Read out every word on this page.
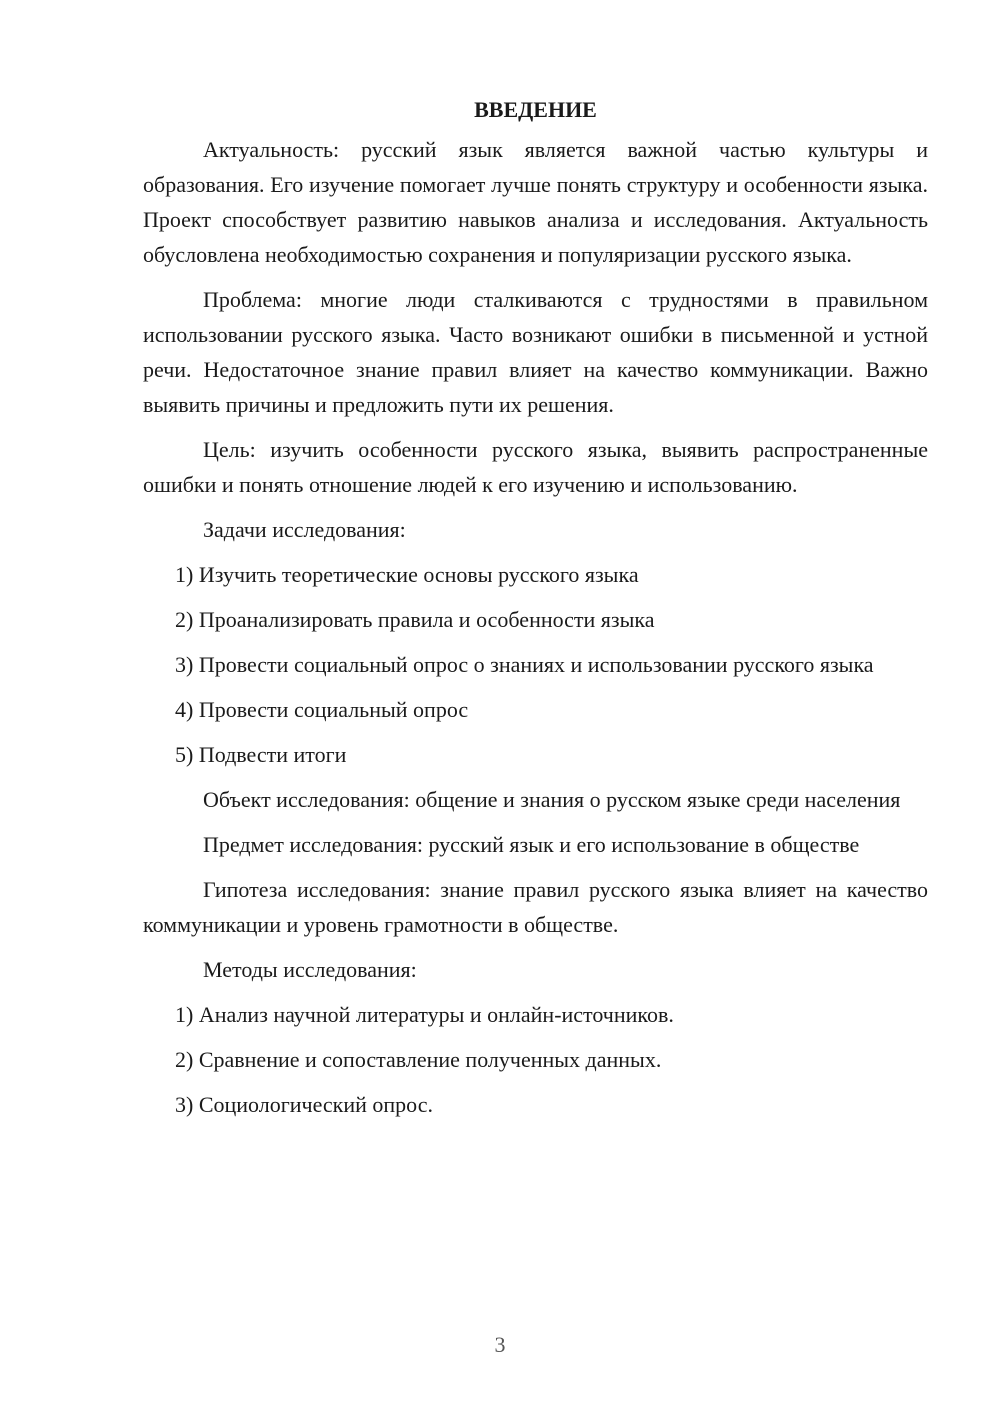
ВВЕДЕНИЕ

Актуальность: русский язык является важной частью культуры и образования. Его изучение помогает лучше понять структуру и особенности языка. Проект способствует развитию навыков анализа и исследования. Актуальность обусловлена необходимостью сохранения и популяризации русского языка.

Проблема: многие люди сталкиваются с трудностями в правильном использовании русского языка. Часто возникают ошибки в письменной и устной речи. Недостаточное знание правил влияет на качество коммуникации. Важно выявить причины и предложить пути их решения.

Цель: изучить особенности русского языка, выявить распространенные ошибки и понять отношение людей к его изучению и использованию.

Задачи исследования:

1) Изучить теоретические основы русского языка

2) Проанализировать правила и особенности языка

3) Провести социальный опрос о знаниях и использовании русского языка

4) Провести социальный опрос

5) Подвести итоги

Объект исследования: общение и знания о русском языке среди населения

Предмет исследования: русский язык и его использование в обществе

Гипотеза исследования: знание правил русского языка влияет на качество коммуникации и уровень грамотности в обществе.

Методы исследования:

1) Анализ научной литературы и онлайн-источников.

2) Сравнение и сопоставление полученных данных.

3) Социологический опрос.

3
